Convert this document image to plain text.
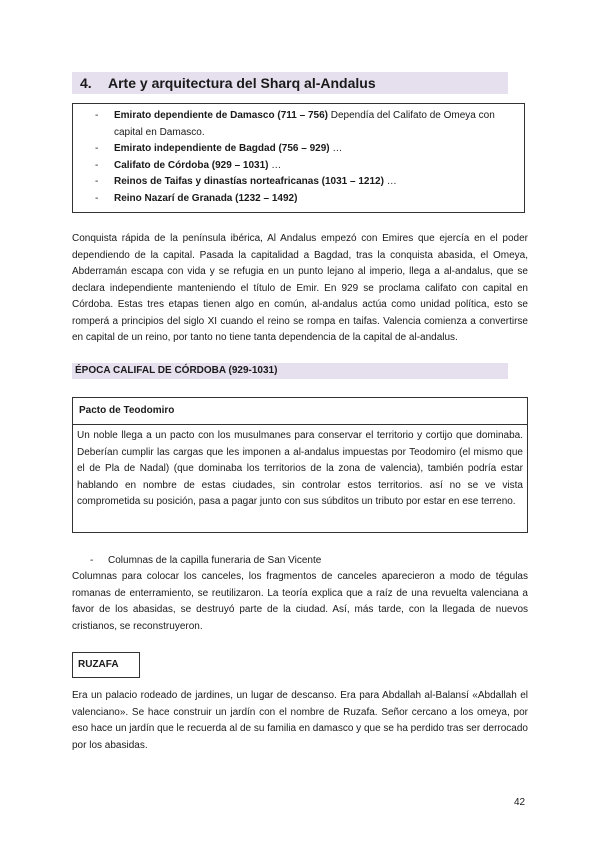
4. Arte y arquitectura del Sharq al-Andalus
- Emirato dependiente de Damasco (711 – 756) Dependía del Califato de Omeya con capital en Damasco.
- Emirato independiente de Bagdad (756 – 929) …
- Califato de Córdoba (929 – 1031) …
- Reinos de Taifas y dinastías norteafricanas (1031 – 1212) …
- Reino Nazarí de Granada (1232 – 1492)

Conquista rápida de la península ibérica, Al Andalus empezó con Emires que ejercía en el poder dependiendo de la capital. Pasada la capitalidad a Bagdad, tras la conquista abasida, el Omeya, Abderramán escapa con vida y se refugia en un punto lejano al imperio, llega a al-andalus, que se declara independiente manteniendo el título de Emir. En 929 se proclama califato con capital en Córdoba. Estas tres etapas tienen algo en común, al-andalus actúa como unidad política, esto se romperá a principios del siglo XI cuando el reino se rompa en taifas. Valencia comienza a convertirse en capital de un reino, por tanto no tiene tanta dependencia de la capital de al-andalus.

ÉPOCA CALIFAL DE CÓRDOBA (929-1031)
Pacto de Teodomiro

Un noble llega a un pacto con los musulmanes para conservar el territorio y cortijo que dominaba. Deberían cumplir las cargas que les imponen a al-andalus impuestas por Teodomiro (el mismo que el de Pla de Nadal) (que dominaba los territorios de la zona de valencia), también podría estar hablando en nombre de estas ciudades, sin controlar estos territorios. así no se ve vista comprometida su posición, pasa a pagar junto con sus súbditos un tributo por estar en ese terreno.

- Columnas de la capilla funeraria de San Vicente

Columnas para colocar los canceles, los fragmentos de canceles aparecieron a modo de tégulas romanas de enterramiento, se reutilizaron. La teoría explica que a raíz de una revuelta valenciana a favor de los abasidas, se destruyó parte de la ciudad. Así, más tarde, con la llegada de nuevos cristianos, se reconstruyeron.

RUZAFA

Era un palacio rodeado de jardines, un lugar de descanso. Era para Abdallah al-Balansí «Abdallah el valenciano». Se hace construir un jardín con el nombre de Ruzafa. Señor cercano a los omeya, por eso hace un jardín que le recuerda al de su familia en damasco y que se ha perdido tras ser derrocado por los abasidas.

42
